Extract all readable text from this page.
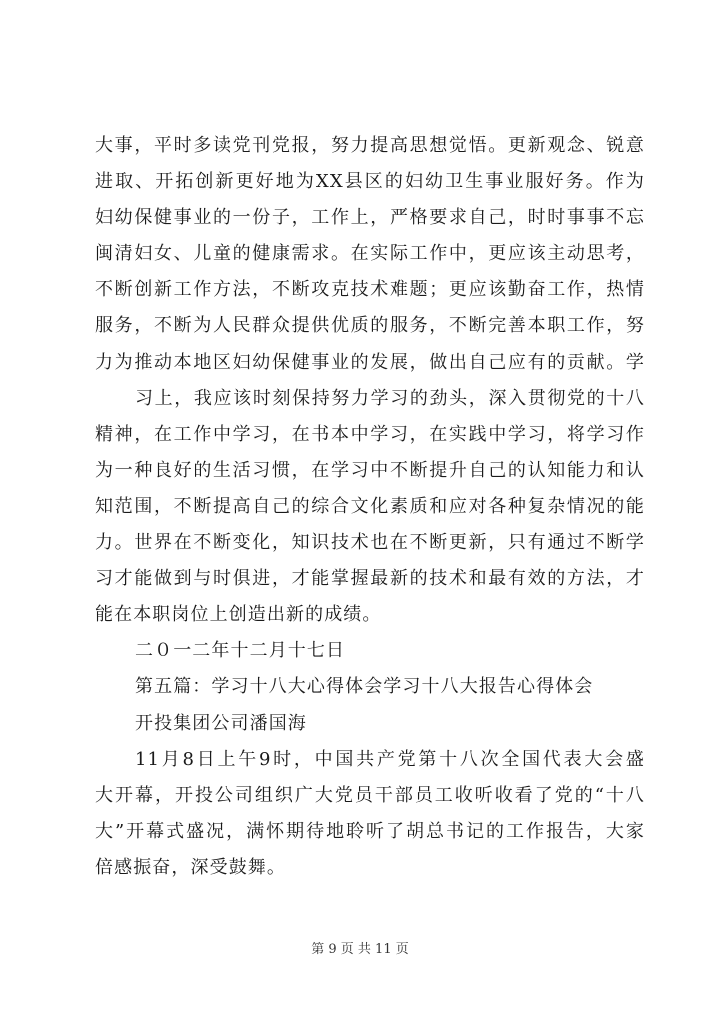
大事，平时多读党刊党报，努力提高思想觉悟。更新观念、锐意
进取、开拓创新更好地为XX县区的妇幼卫生事业服好务。作为
妇幼保健事业的一份子，工作上，严格要求自己，时时事事不忘
闽清妇女、儿童的健康需求。在实际工作中，更应该主动思考，
不断创新工作方法，不断攻克技术难题；更应该勤奋工作，热情
服务，不断为人民群众提供优质的服务，不断完善本职工作，努
力为推动本地区妇幼保健事业的发展，做出自己应有的贡献。学
习上，我应该时刻保持努力学习的劲头，深入贯彻党的十八
精神，在工作中学习，在书本中学习，在实践中学习，将学习作
为一种良好的生活习惯，在学习中不断提升自己的认知能力和认
知范围，不断提高自己的综合文化素质和应对各种复杂情况的能
力。世界在不断变化，知识技术也在不断更新，只有通过不断学
习才能做到与时俱进，才能掌握最新的技术和最有效的方法，才
能在本职岗位上创造出新的成绩。
二０一二年十二月十七日
第五篇：学习十八大心得体会学习十八大报告心得体会
开投集团公司潘国海
11月8日上午9时，中国共产党第十八次全国代表大会盛
大开幕，开投公司组织广大党员干部员工收听收看了党的“十八
大”开幕式盛况，满怀期待地聆听了胡总书记的工作报告，大家
倍感振奋，深受鼓舞。
第 9 页 共 11 页
